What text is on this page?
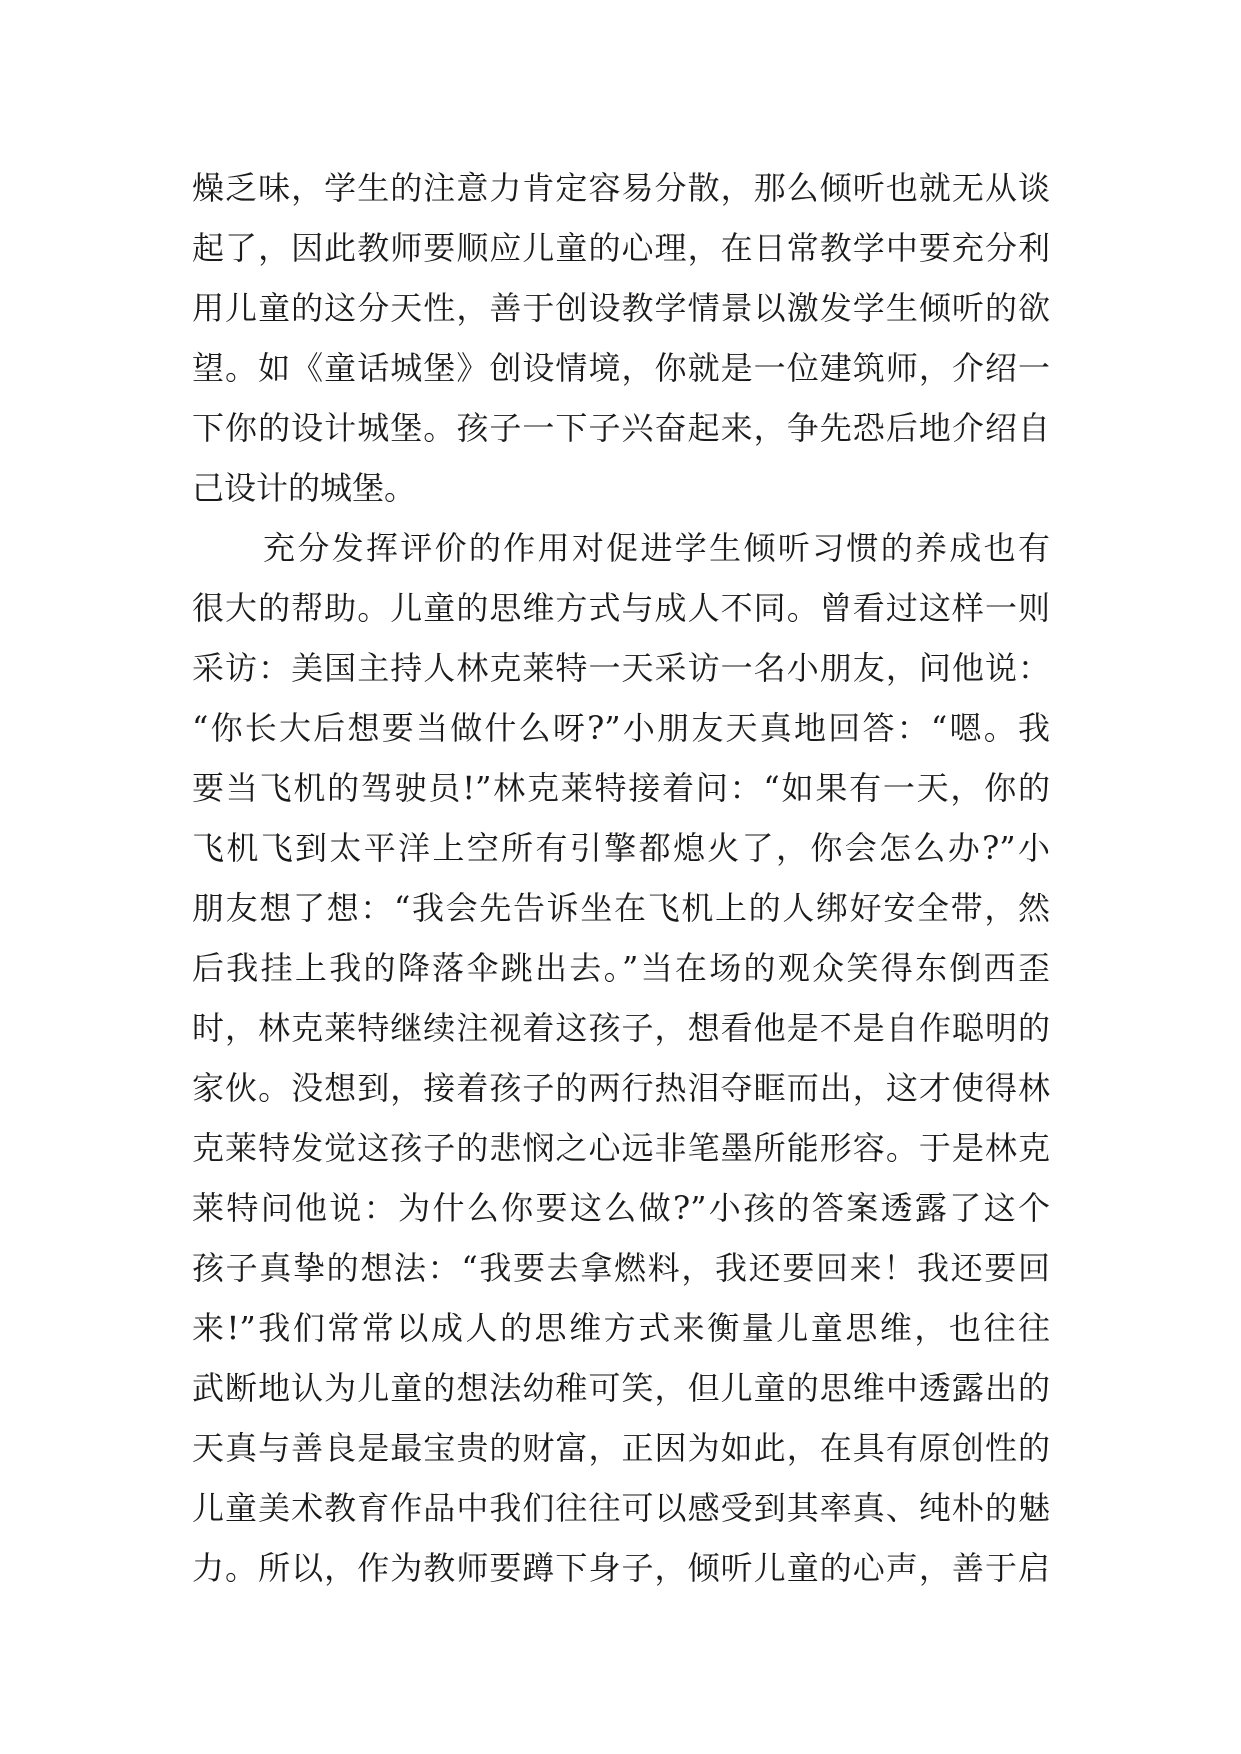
燥乏味，学生的注意力肯定容易分散，那么倾听也就无从谈
起了，因此教师要顺应儿童的心理，在日常教学中要充分利
用儿童的这分天性，善于创设教学情景以激发学生倾听的欲
望。如《童话城堡》创设情境，你就是一位建筑师，介绍一
下你的设计城堡。孩子一下子兴奋起来，争先恐后地介绍自
己设计的城堡。
充分发挥评价的作用对促进学生倾听习惯的养成也有
很大的帮助。儿童的思维方式与成人不同。曾看过这样一则
采访：美国主持人林克莱特一天采访一名小朋友，问他说：
“你长大后想要当做什么呀?”小朋友天真地回答：“嗯。我
要当飞机的驾驶员!”林克莱特接着问：“如果有一天，你的
飞机飞到太平洋上空所有引擎都熄火了，你会怎么办?”小
朋友想了想：“我会先告诉坐在飞机上的人绑好安全带，然
后我挂上我的降落伞跳出去。”当在场的观众笑得东倒西歪
时，林克莱特继续注视着这孩子，想看他是不是自作聪明的
家伙。没想到，接着孩子的两行热泪夺眶而出，这才使得林
克莱特发觉这孩子的悲悯之心远非笔墨所能形容。于是林克
莱特问他说：为什么你要这么做?”小孩的答案透露了这个
孩子真挚的想法：“我要去拿燃料，我还要回来！我还要回
来!”我们常常以成人的思维方式来衡量儿童思维，也往往
武断地认为儿童的想法幼稚可笑，但儿童的思维中透露出的
天真与善良是最宝贵的财富，正因为如此，在具有原创性的
儿童美术教育作品中我们往往可以感受到其率真、纯朴的魅
力。所以，作为教师要蹲下身子，倾听儿童的心声，善于启
